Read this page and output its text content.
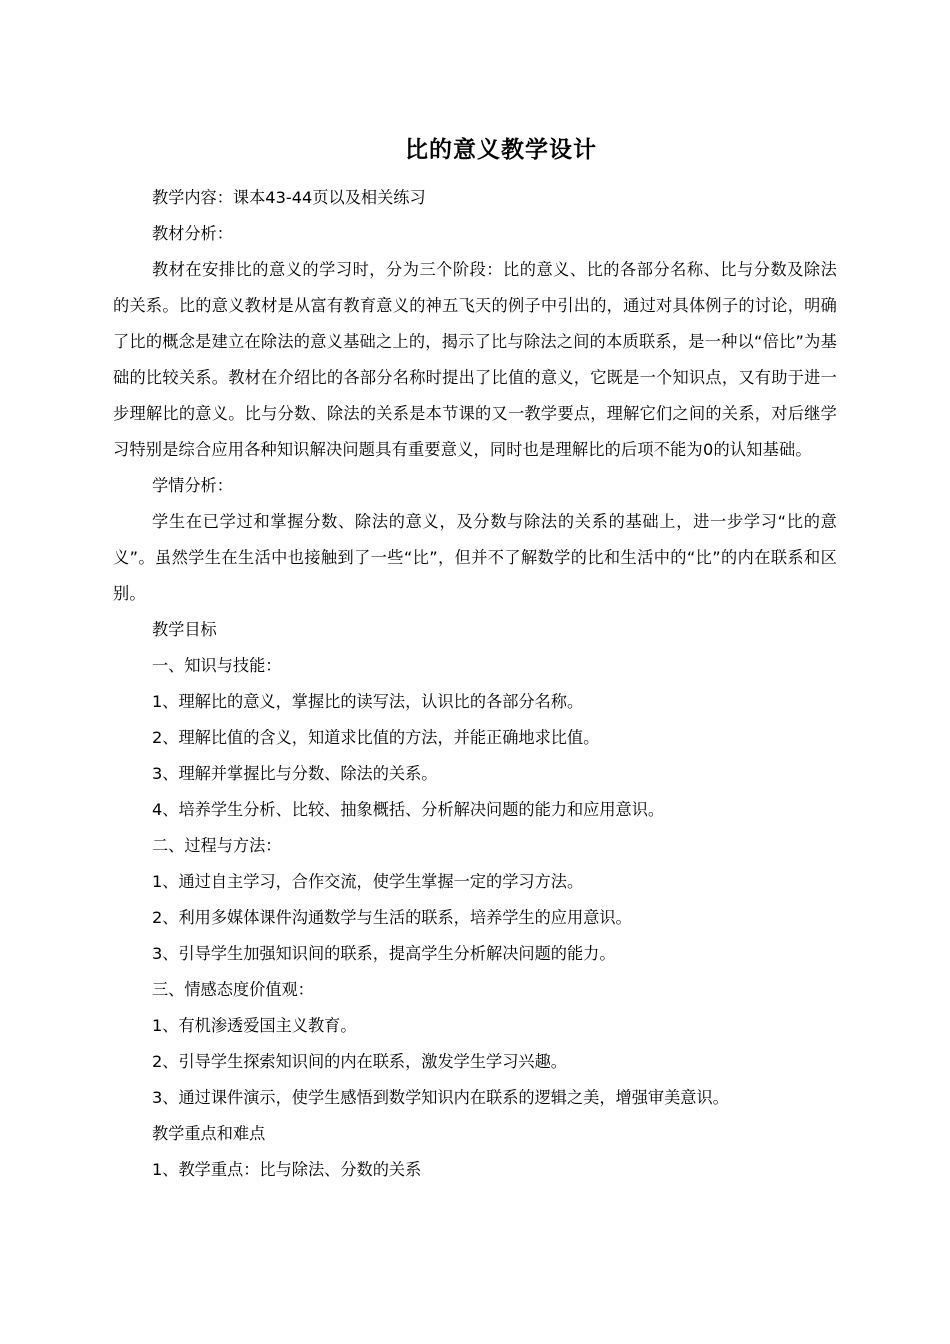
比的意义教学设计

教学内容：课本43-44页以及相关练习

教材分析：

教材在安排比的意义的学习时，分为三个阶段：比的意义、比的各部分名称、比与分数及除法的关系。比的意义教材是从富有教育意义的神五飞天的例子中引出的，通过对具体例子的讨论，明确了比的概念是建立在除法的意义基础之上的，揭示了比与除法之间的本质联系，是一种以“倍比”为基础的比较关系。教材在介绍比的各部分名称时提出了比值的意义，它既是一个知识点，又有助于进一步理解比的意义。比与分数、除法的关系是本节课的又一教学要点，理解它们之间的关系，对后继学习特别是综合应用各种知识解决问题具有重要意义，同时也是理解比的后项不能为0的认知基础。

学情分析：

学生在已学过和掌握分数、除法的意义，及分数与除法的关系的基础上，进一步学习“比的意义”。虽然学生在生活中也接触到了一些“比”，但并不了解数学的比和生活中的“比”的内在联系和区别。

教学目标

一、知识与技能：

1、理解比的意义，掌握比的读写法，认识比的各部分名称。

2、理解比值的含义，知道求比值的方法，并能正确地求比值。

3、理解并掌握比与分数、除法的关系。

4、培养学生分析、比较、抽象概括、分析解决问题的能力和应用意识。

二、过程与方法：

1、通过自主学习，合作交流，使学生掌握一定的学习方法。

2、利用多媒体课件沟通数学与生活的联系，培养学生的应用意识。

3、引导学生加强知识间的联系，提高学生分析解决问题的能力。

三、情感态度价值观：

1、有机渗透爱国主义教育。

2、引导学生探索知识间的内在联系，激发学生学习兴趣。

3、通过课件演示，使学生感悟到数学知识内在联系的逻辑之美，增强审美意识。

教学重点和难点

1、教学重点：比与除法、分数的关系
